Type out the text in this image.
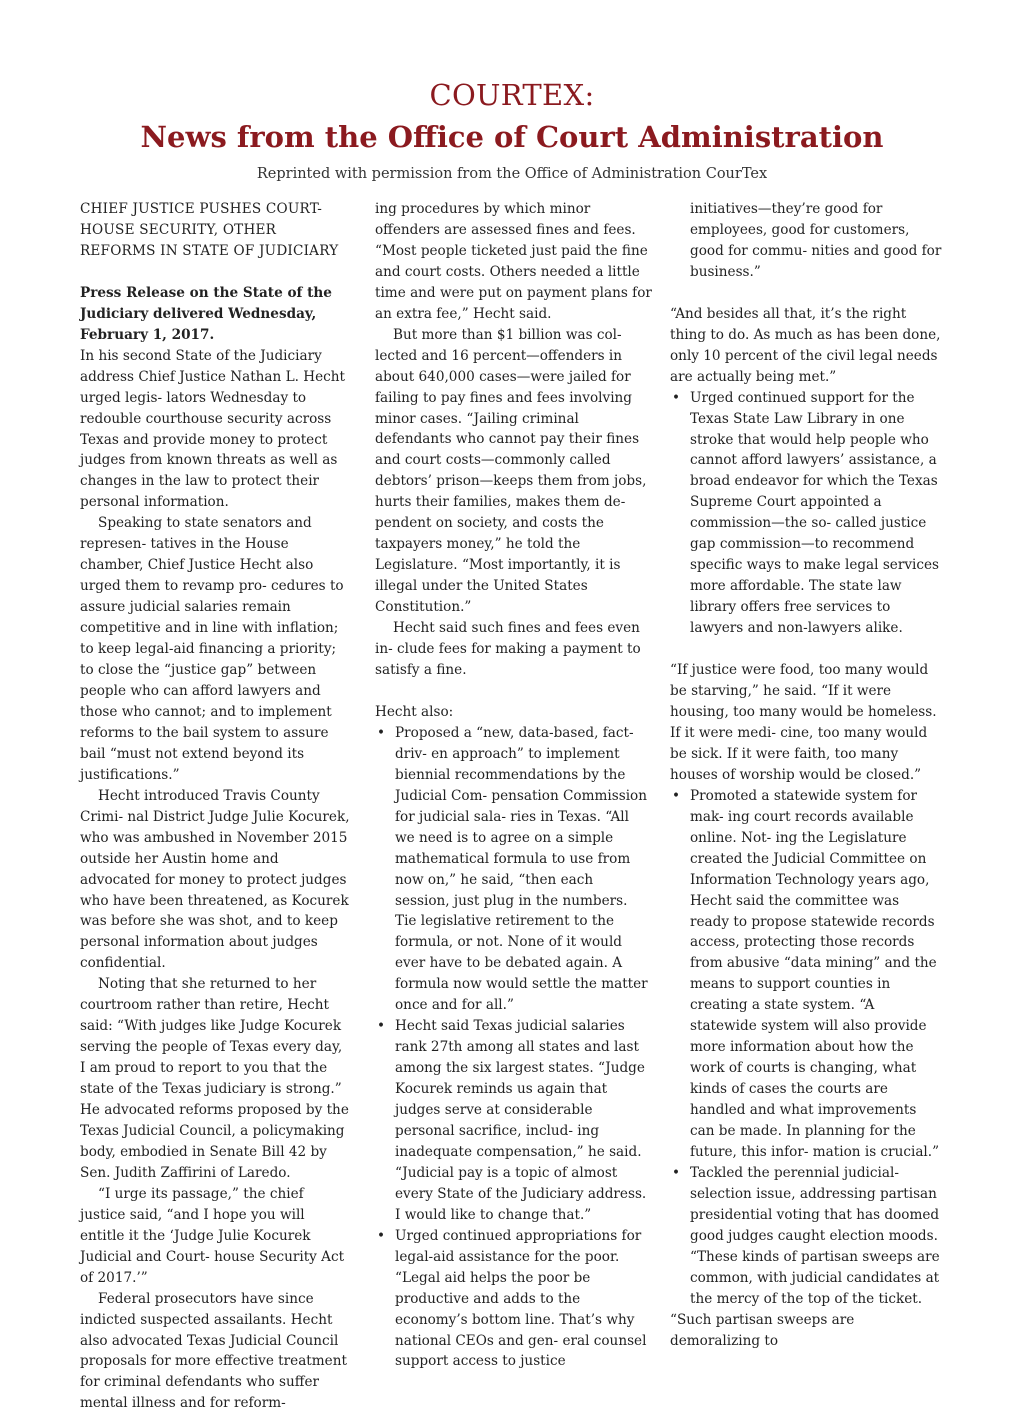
COURTEX:
News from the Office of Court Administration
Reprinted with permission from the Office of Administration CourTex

CHIEF JUSTICE PUSHES COURT- HOUSE SECURITY, OTHER REFORMS IN STATE OF JUDICIARY

Press Release on the State of the Judiciary delivered Wednesday, February 1, 2017.

In his second State of the Judiciary address Chief Justice Nathan L. Hecht urged legis- lators Wednesday to redouble courthouse security across Texas and provide money to protect judges from known threats as well as changes in the law to protect their personal information.

Speaking to state senators and represen- tatives in the House chamber, Chief Justice Hecht also urged them to revamp pro- cedures to assure judicial salaries remain competitive and in line with inflation; to keep legal-aid financing a priority; to close the “justice gap” between people who can afford lawyers and those who cannot; and to implement reforms to the bail system to assure bail “must not extend beyond its justifications.”

Hecht introduced Travis County Crimi- nal District Judge Julie Kocurek, who was ambushed in November 2015 outside her Austin home and advocated for money to protect judges who have been threatened, as Kocurek was before she was shot, and to keep personal information about judges confidential.

Noting that she returned to her courtroom rather than retire, Hecht said: “With judges like Judge Kocurek serving the people of Texas every day, I am proud to report to you that the state of the Texas judiciary is strong.” He advocated reforms proposed by the Texas Judicial Council, a policymaking body, embodied in Senate Bill 42 by Sen. Judith Zaffirini of Laredo.

“I urge its passage,” the chief justice said, “and I hope you will entitle it the ‘Judge Julie Kocurek Judicial and Court- house Security Act of 2017.’”

Federal prosecutors have since indicted suspected assailants. Hecht also advocated Texas Judicial Council proposals for more effective treatment for criminal defendants who suffer mental illness and for reform-

ing procedures by which minor offenders are assessed fines and fees. “Most people ticketed just paid the fine and court costs. Others needed a little time and were put on payment plans for an extra fee,” Hecht said.

But more than $1 billion was col- lected and 16 percent—offenders in about 640,000 cases—were jailed for failing to pay fines and fees involving minor cases. “Jailing criminal defendants who cannot pay their fines and court costs—commonly called debtors’ prison—keeps them from jobs, hurts their families, makes them de- pendent on society, and costs the taxpayers money,” he told the Legislature. “Most importantly, it is illegal under the United States Constitution.”

Hecht said such fines and fees even in- clude fees for making a payment to satisfy a fine.

Hecht also:

• Proposed a “new, data-based, fact-driv- en approach” to implement biennial recommendations by the Judicial Com- pensation Commission for judicial sala- ries in Texas. “All we need is to agree on a simple mathematical formula to use from now on,” he said, “then each session, just plug in the numbers. Tie legislative retirement to the formula, or not. None of it would ever have to be debated again. A formula now would settle the matter once and for all.”
• Hecht said Texas judicial salaries rank 27th among all states and last among the six largest states. “Judge Kocurek reminds us again that judges serve at considerable personal sacrifice, includ- ing inadequate compensation,” he said. “Judicial pay is a topic of almost every State of the Judiciary address. I would like to change that.”
• Urged continued appropriations for legal-aid assistance for the poor. “Legal aid helps the poor be productive and adds to the economy’s bottom line. That’s why national CEOs and gen- eral counsel support access to justice

initiatives—they’re good for employees, good for customers, good for commu- nities and good for business.”

“And besides all that, it’s the right thing to do. As much as has been done, only 10 percent of the civil legal needs are actually being met.”

• Urged continued support for the Texas State Law Library in one stroke that would help people who cannot afford lawyers’ assistance, a broad endeavor for which the Texas Supreme Court appointed a commission—the so- called justice gap commission—to recommend specific ways to make legal services more affordable. The state law library offers free services to lawyers and non-lawyers alike.

“If justice were food, too many would be starving,” he said. “If it were housing, too many would be homeless. If it were medi- cine, too many would be sick. If it were faith, too many houses of worship would be closed.”

• Promoted a statewide system for mak- ing court records available online. Not- ing the Legislature created the Judicial Committee on Information Technology years ago, Hecht said the committee was ready to propose statewide records access, protecting those records from abusive “data mining” and the means to support counties in creating a state system. “A statewide system will also provide more information about how the work of courts is changing, what kinds of cases the courts are handled and what improvements can be made. In planning for the future, this infor- mation is crucial.”
• Tackled the perennial judicial-selection issue, addressing partisan presidential voting that has doomed good judges caught election moods. “These kinds of partisan sweeps are common, with judicial candidates at the mercy of the top of the ticket.

“Such partisan sweeps are demoralizing to
